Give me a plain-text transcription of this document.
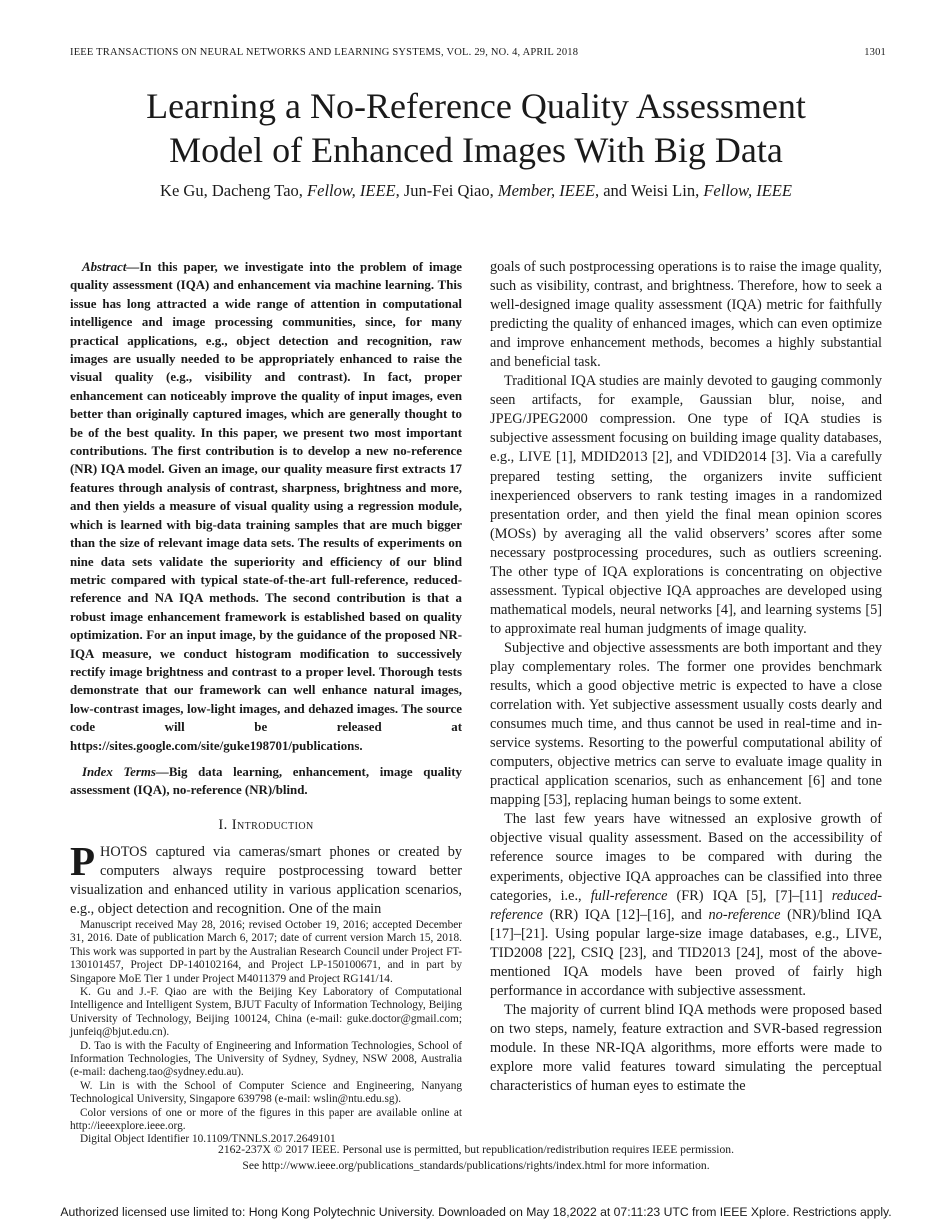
IEEE TRANSACTIONS ON NEURAL NETWORKS AND LEARNING SYSTEMS, VOL. 29, NO. 4, APRIL 2018	1301
Learning a No-Reference Quality Assessment Model of Enhanced Images With Big Data
Ke Gu, Dacheng Tao, Fellow, IEEE, Jun-Fei Qiao, Member, IEEE, and Weisi Lin, Fellow, IEEE

Abstract—In this paper, we investigate into the problem of image quality assessment (IQA) and enhancement via machine learning. This issue has long attracted a wide range of attention in computational intelligence and image processing communities, since, for many practical applications, e.g., object detection and recognition, raw images are usually needed to be appropriately enhanced to raise the visual quality (e.g., visibility and contrast). In fact, proper enhancement can noticeably improve the quality of input images, even better than originally captured images, which are generally thought to be of the best quality. In this paper, we present two most important contributions. The first contribution is to develop a new no-reference (NR) IQA model. Given an image, our quality measure first extracts 17 features through analysis of contrast, sharpness, brightness and more, and then yields a measure of visual quality using a regression module, which is learned with big-data training samples that are much bigger than the size of relevant image data sets. The results of experiments on nine data sets validate the superiority and efficiency of our blind metric compared with typical state-of-the-art full-reference, reduced-reference and NA IQA methods. The second contribution is that a robust image enhancement framework is established based on quality optimization. For an input image, by the guidance of the proposed NR-IQA measure, we conduct histogram modification to successively rectify image brightness and contrast to a proper level. Thorough tests demonstrate that our framework can well enhance natural images, low-contrast images, low-light images, and dehazed images. The source code will be released at https://sites.google.com/site/guke198701/publications.

Index Terms—Big data learning, enhancement, image quality assessment (IQA), no-reference (NR)/blind.

I. Introduction

PHOTOS captured via cameras/smart phones or created by computers always require postprocessing toward better visualization and enhanced utility in various application scenarios, e.g., object detection and recognition. One of the main

Manuscript received May 28, 2016; revised October 19, 2016; accepted December 31, 2016. Date of publication March 6, 2017; date of current version March 15, 2018. This work was supported in part by the Australian Research Council under Project FT-130101457, Project DP-140102164, and Project LP-150100671, and in part by Singapore MoE Tier 1 under Project M4011379 and Project RG141/14.

K. Gu and J.-F. Qiao are with the Beijing Key Laboratory of Computational Intelligence and Intelligent System, BJUT Faculty of Information Technology, Beijing University of Technology, Beijing 100124, China (e-mail: guke.doctor@gmail.com; junfeiq@bjut.edu.cn).

D. Tao is with the Faculty of Engineering and Information Technologies, School of Information Technologies, The University of Sydney, Sydney, NSW 2008, Australia (e-mail: dacheng.tao@sydney.edu.au).

W. Lin is with the School of Computer Science and Engineering, Nanyang Technological University, Singapore 639798 (e-mail: wslin@ntu.edu.sg).

Color versions of one or more of the figures in this paper are available online at http://ieeexplore.ieee.org.

Digital Object Identifier 10.1109/TNNLS.2017.2649101

goals of such postprocessing operations is to raise the image quality, such as visibility, contrast, and brightness. Therefore, how to seek a well-designed image quality assessment (IQA) metric for faithfully predicting the quality of enhanced images, which can even optimize and improve enhancement methods, becomes a highly substantial and beneficial task.

Traditional IQA studies are mainly devoted to gauging commonly seen artifacts, for example, Gaussian blur, noise, and JPEG/JPEG2000 compression. One type of IQA studies is subjective assessment focusing on building image quality databases, e.g., LIVE [1], MDID2013 [2], and VDID2014 [3]. Via a carefully prepared testing setting, the organizers invite sufficient inexperienced observers to rank testing images in a randomized presentation order, and then yield the final mean opinion scores (MOSs) by averaging all the valid observers’ scores after some necessary postprocessing procedures, such as outliers screening. The other type of IQA explorations is concentrating on objective assessment. Typical objective IQA approaches are developed using mathematical models, neural networks [4], and learning systems [5] to approximate real human judgments of image quality.

Subjective and objective assessments are both important and they play complementary roles. The former one provides benchmark results, which a good objective metric is expected to have a close correlation with. Yet subjective assessment usually costs dearly and consumes much time, and thus cannot be used in real-time and in-service systems. Resorting to the powerful computational ability of computers, objective metrics can serve to evaluate image quality in practical application scenarios, such as enhancement [6] and tone mapping [53], replacing human beings to some extent.

The last few years have witnessed an explosive growth of objective visual quality assessment. Based on the accessibility of reference source images to be compared with during the experiments, objective IQA approaches can be classified into three categories, i.e., full-reference (FR) IQA [5], [7]–[11] reduced-reference (RR) IQA [12]–[16], and no-reference (NR)/blind IQA [17]–[21]. Using popular large-size image databases, e.g., LIVE, TID2008 [22], CSIQ [23], and TID2013 [24], most of the above-mentioned IQA models have been proved of fairly high performance in accordance with subjective assessment.

The majority of current blind IQA methods were proposed based on two steps, namely, feature extraction and SVR-based regression module. In these NR-IQA algorithms, more efforts were made to explore more valid features toward simulating the perceptual characteristics of human eyes to estimate the

2162-237X © 2017 IEEE. Personal use is permitted, but republication/redistribution requires IEEE permission.
See http://www.ieee.org/publications_standards/publications/rights/index.html for more information.
Authorized licensed use limited to: Hong Kong Polytechnic University. Downloaded on May 18,2022 at 07:11:23 UTC from IEEE Xplore. Restrictions apply.
